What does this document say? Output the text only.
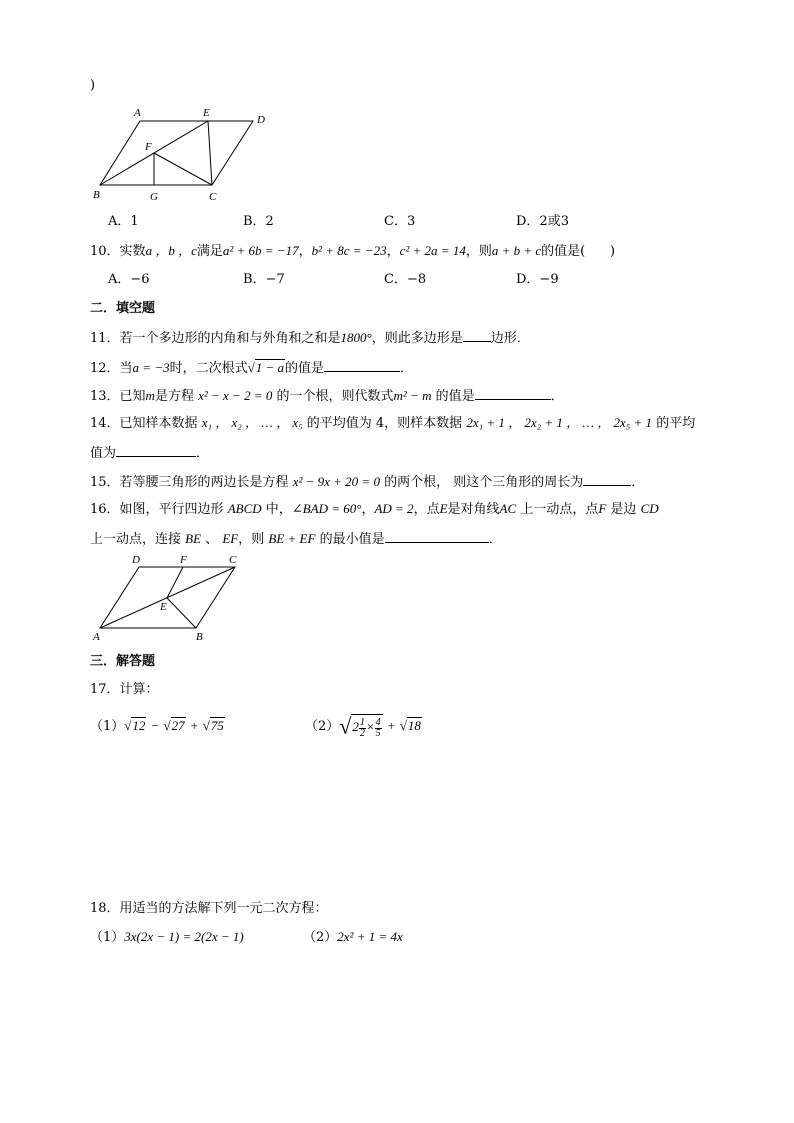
)
A	E
D
F
B	G	C
A．1	B．2	C．3	D．2或3
10．实数a ，b ，c满足a² + 6b = −17，b² + 8c = −23，c² + 2a = 14，则a + b + c的值是( )
A．−6	B．−7	C．−8	D．−9
二．填空题
11．若一个多边形的内角和与外角和之和是1800°，则此多边形是 边形．
12．当a = −3时，二次根式√1 − a的值是	．
13．已知m是方程 x² − x − 2 = 0 的一个根，则代数式m² − m 的值是	．
14．已知样本数据 x₁ ， x₂ ， … ， x₅ 的平均值为 4，则样本数据 2x₁ + 1 ， 2x₂ + 1 ， … ， 2x₅ + 1 的平均
值为	．
15．若等腰三角形的两边长是方程 x² − 9x + 20 = 0 的两个根， 则这个三角形的周长为	．
16．如图，平行四边形 ABCD 中，∠BAD = 60°，AD = 2，点E是对角线AC 上一动点，点F 是边 CD
上一动点，连接 BE 、 EF，则 BE + EF 的最小值是	．
D	F	C
E
A	B
三．解答题
17．计算：
（1）√12 − √27 + √75	$(2)√2 \frac{1}{2} \times \frac{4}{5} + √18$
18．用适当的方法解下列一元二次方程：
（1）3x(2x − 1) = 2(2x − 1)	（2）2x² + 1 = 4x
